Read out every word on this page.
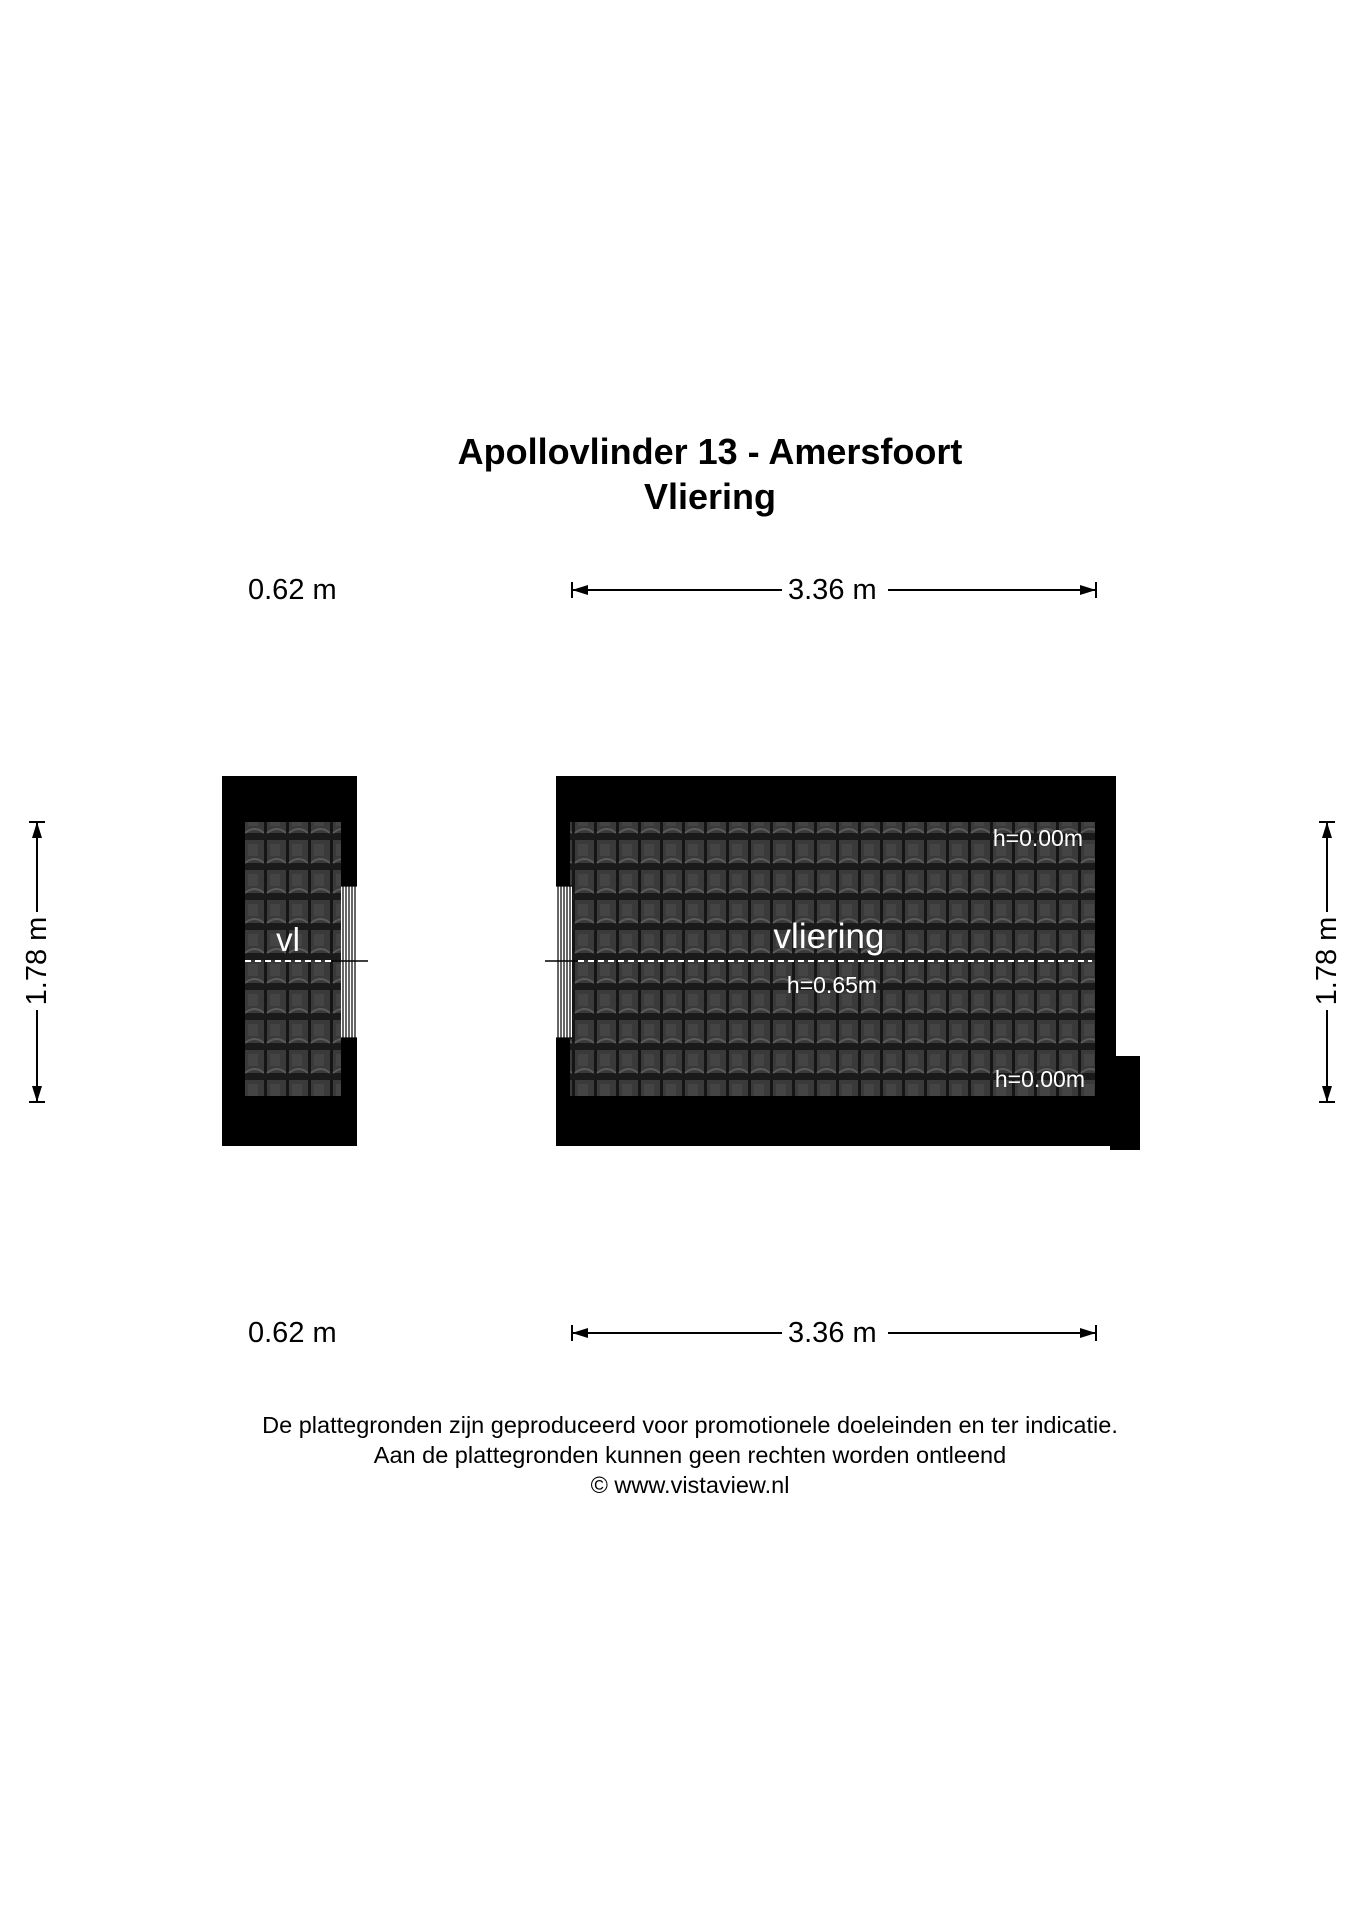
Apollovlinder 13 - Amersfoort
Vliering
vl	vliering
h=0.65m
h=0.00m
h=0.00m
0.62 m	3.36 m
0.62 m	3.36 m
1.78 m	1.78 m
De plattegronden zijn geproduceerd voor promotionele doeleinden en ter indicatie.
Aan de plattegronden kunnen geen rechten worden ontleend
© www.vistaview.nl
